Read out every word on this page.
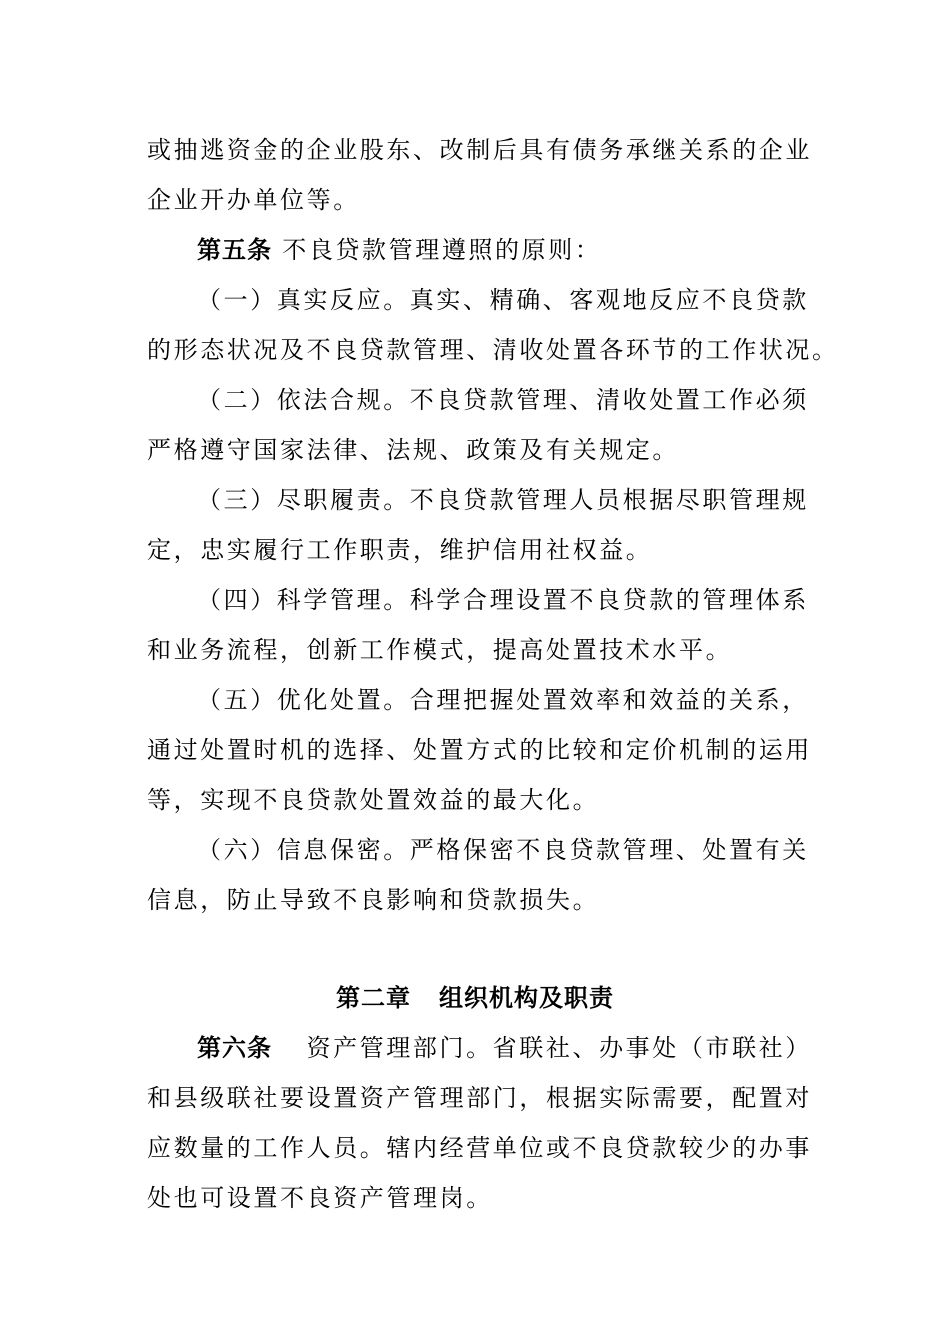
或抽逃资金的企业股东、改制后具有债务承继关系的企业
企业开办单位等。
第五条 不良贷款管理遵照的原则：
（一）真实反应。真实、精确、客观地反应不良贷款
的形态状况及不良贷款管理、清收处置各环节的工作状况。
（二）依法合规。不良贷款管理、清收处置工作必须
严格遵守国家法律、法规、政策及有关规定。
（三）尽职履责。不良贷款管理人员根据尽职管理规
定，忠实履行工作职责，维护信用社权益。
（四）科学管理。科学合理设置不良贷款的管理体系
和业务流程，创新工作模式，提高处置技术水平。
（五）优化处置。合理把握处置效率和效益的关系，
通过处置时机的选择、处置方式的比较和定价机制的运用
等，实现不良贷款处置效益的最大化。
（六）信息保密。严格保密不良贷款管理、处置有关
信息，防止导致不良影响和贷款损失。
第二章 组织机构及职责
第六条 资产管理部门。省联社、办事处（市联社）
和县级联社要设置资产管理部门，根据实际需要，配置对
应数量的工作人员。辖内经营单位或不良贷款较少的办事
处也可设置不良资产管理岗。
